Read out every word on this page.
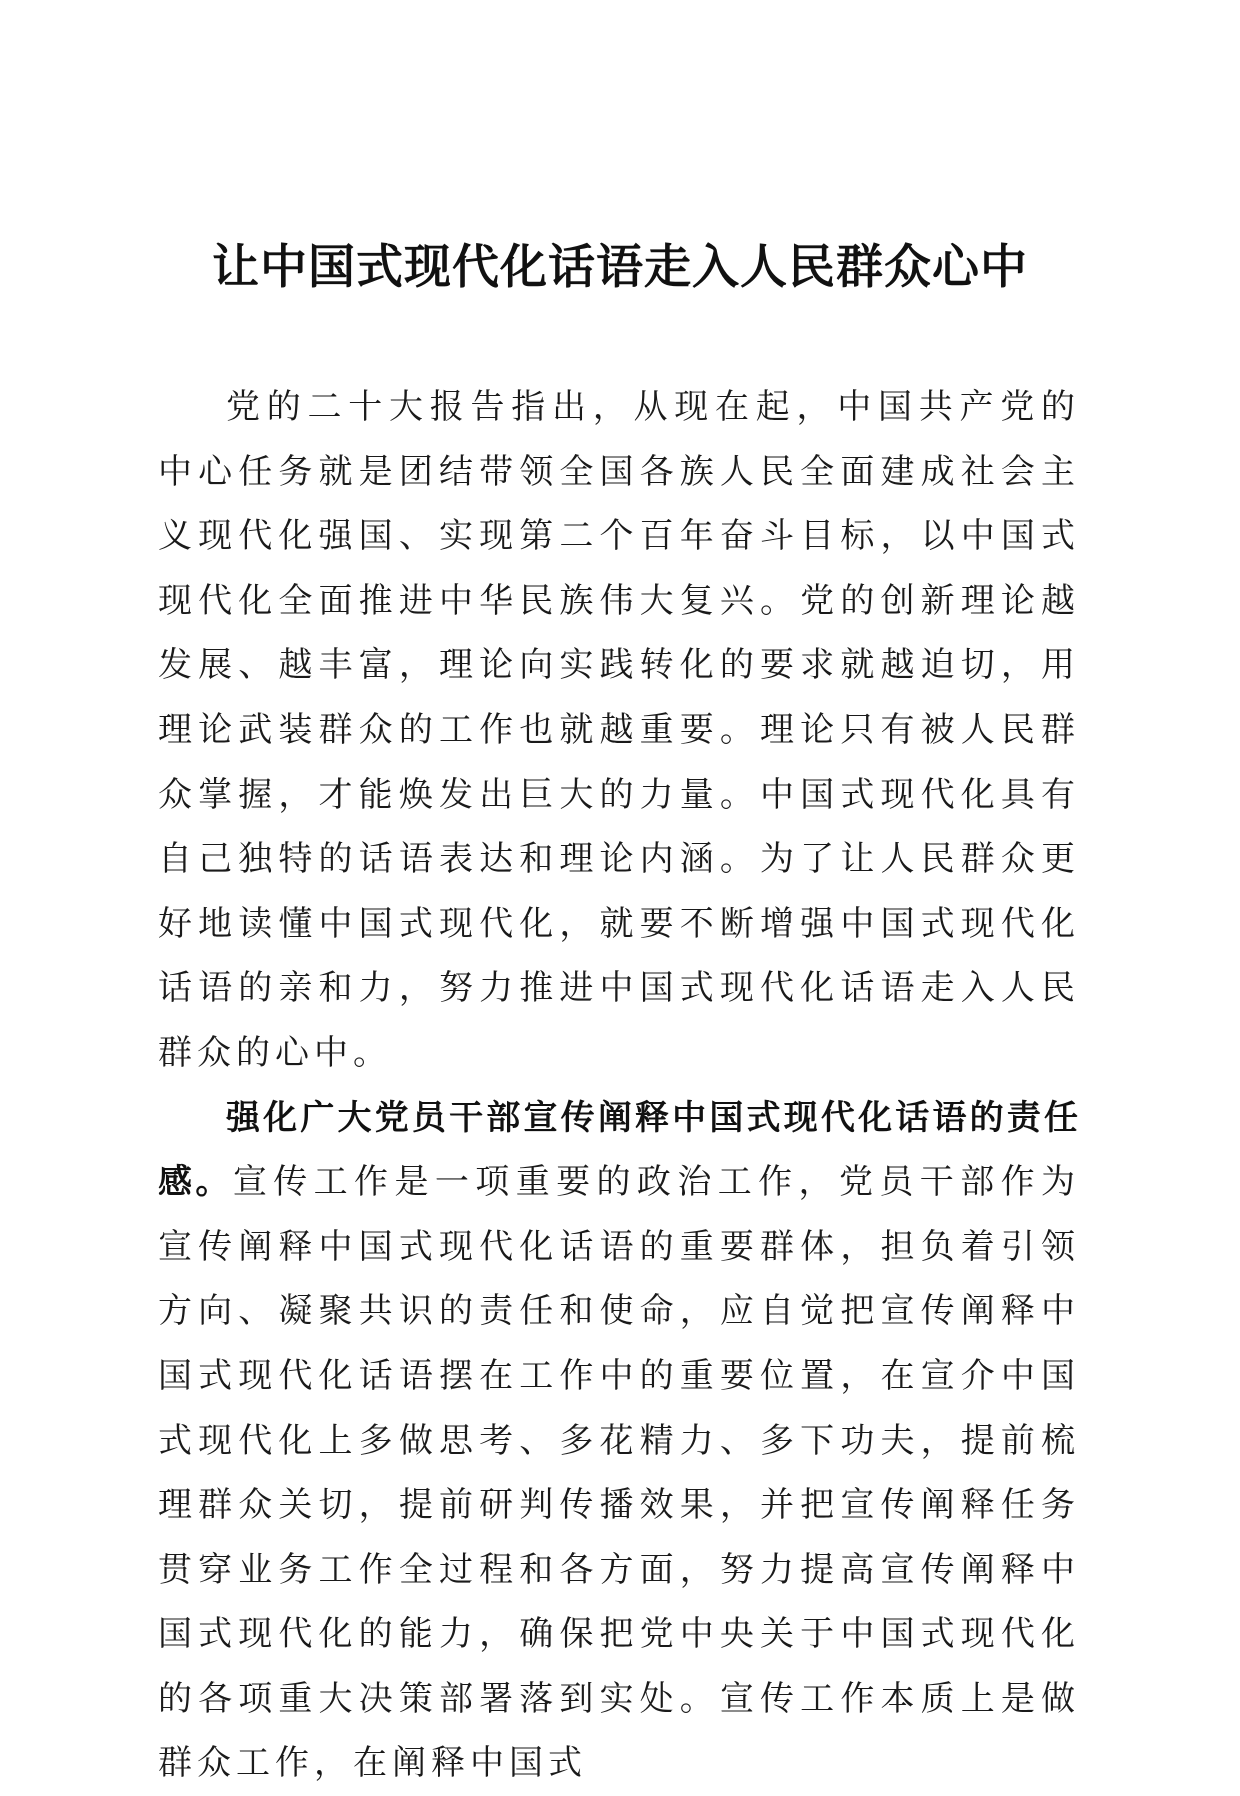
让中国式现代化话语走入人民群众心中

党的二十大报告指出，从现在起，中国共产党的中心任务就是团结带领全国各族人民全面建成社会主义现代化强国、实现第二个百年奋斗目标，以中国式现代化全面推进中华民族伟大复兴。党的创新理论越发展、越丰富，理论向实践转化的要求就越迫切，用理论武装群众的工作也就越重要。理论只有被人民群众掌握，才能焕发出巨大的力量。中国式现代化具有自己独特的话语表达和理论内涵。为了让人民群众更好地读懂中国式现代化，就要不断增强中国式现代化话语的亲和力，努力推进中国式现代化话语走入人民群众的心中。

强化广大党员干部宣传阐释中国式现代化话语的责任感。宣传工作是一项重要的政治工作，党员干部作为宣传阐释中国式现代化话语的重要群体，担负着引领方向、凝聚共识的责任和使命，应自觉把宣传阐释中国式现代化话语摆在工作中的重要位置，在宣介中国式现代化上多做思考、多花精力、多下功夫，提前梳理群众关切，提前研判传播效果，并把宣传阐释任务贯穿业务工作全过程和各方面，努力提高宣传阐释中国式现代化的能力，确保把党中央关于中国式现代化的各项重大决策部署落到实处。宣传工作本质上是做群众工作，在阐释中国式
